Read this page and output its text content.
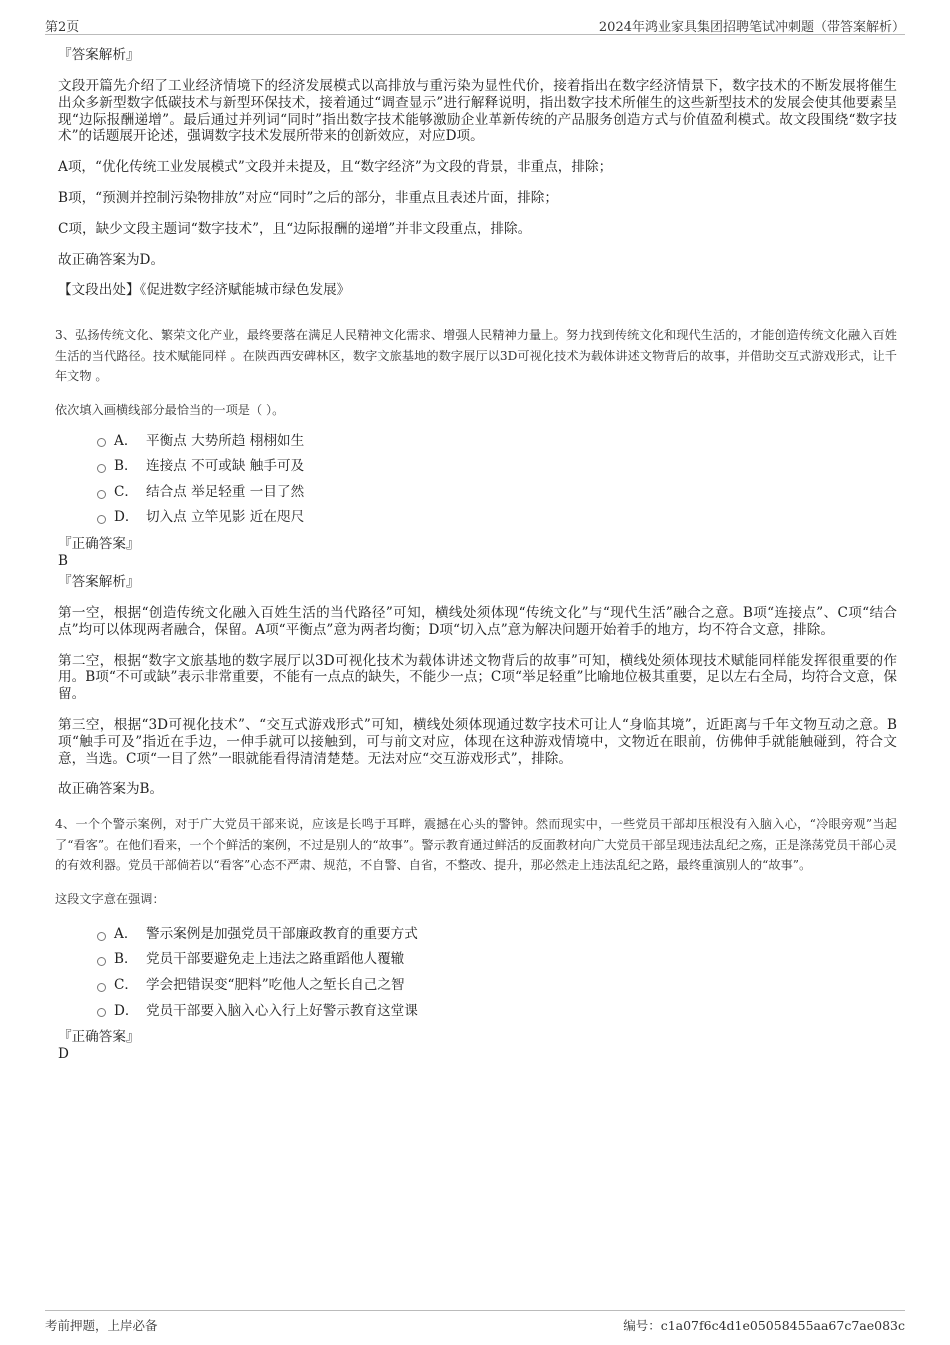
第2页	2024年鸿业家具集团招聘笔试冲刺题（带答案解析）

『答案解析』

文段开篇先介绍了工业经济情境下的经济发展模式以高排放与重污染为显性代价，接着指出在数字经济情景下，数字技术的不断发展将催生出众多新型数字低碳技术与新型环保技术，接着通过“调查显示”进行解释说明，指出数字技术所催生的这些新型技术的发展会使其他要素呈现“边际报酬递增”。最后通过并列词“同时”指出数字技术能够激励企业革新传统的产品服务创造方式与价值盈利模式。故文段围绕“数字技术”的话题展开论述，强调数字技术发展所带来的创新效应，对应D项。

A项，“优化传统工业发展模式”文段并未提及，且“数字经济”为文段的背景，非重点，排除；

B项，“预测并控制污染物排放”对应“同时”之后的部分，非重点且表述片面，排除；

C项，缺少文段主题词“数字技术”，且“边际报酬的递增”并非文段重点，排除。

故正确答案为D。

【文段出处】《促进数字经济赋能城市绿色发展》

3、弘扬传统文化、繁荣文化产业，最终要落在满足人民精神文化需求、增强人民精神力量上。努力找到传统文化和现代生活的，才能创造传统文化融入百姓生活的当代路径。技术赋能同样 。在陕西西安碑林区，数字文旅基地的数字展厅以3D可视化技术为载体讲述文物背后的故事，并借助交互式游戏形式，让千年文物 。

依次填入画横线部分最恰当的一项是（ ）。

A． 平衡点 大势所趋 栩栩如生
B． 连接点 不可或缺 触手可及
C． 结合点 举足轻重 一目了然
D． 切入点 立竿见影 近在咫尺

『正确答案』

B

『答案解析』

第一空，根据“创造传统文化融入百姓生活的当代路径”可知，横线处须体现“传统文化”与“现代生活”融合之意。B项“连接点”、C项“结合点”均可以体现两者融合，保留。A项“平衡点”意为两者均衡；D项“切入点”意为解决问题开始着手的地方，均不符合文意，排除。

第二空，根据“数字文旅基地的数字展厅以3D可视化技术为载体讲述文物背后的故事”可知，横线处须体现技术赋能同样能发挥很重要的作用。B项“不可或缺”表示非常重要，不能有一点点的缺失，不能少一点；C项“举足轻重”比喻地位极其重要，足以左右全局，均符合文意，保留。

第三空，根据“3D可视化技术”、“交互式游戏形式”可知，横线处须体现通过数字技术可让人“身临其境”，近距离与千年文物互动之意。B项“触手可及”指近在手边，一伸手就可以接触到，可与前文对应，体现在这种游戏情境中，文物近在眼前，仿佛伸手就能触碰到，符合文意，当选。C项“一目了然”一眼就能看得清清楚楚。无法对应“交互游戏形式”，排除。

故正确答案为B。

4、一个个警示案例，对于广大党员干部来说，应该是长鸣于耳畔，震撼在心头的警钟。然而现实中，一些党员干部却压根没有入脑入心，“冷眼旁观”当起了“看客”。在他们看来，一个个鲜活的案例，不过是别人的“故事”。警示教育通过鲜活的反面教材向广大党员干部呈现违法乱纪之殇，正是涤荡党员干部心灵的有效利器。党员干部倘若以“看客”心态不严肃、规范，不自警、自省，不整改、提升，那必然走上违法乱纪之路，最终重演别人的“故事”。

这段文字意在强调：

A． 警示案例是加强党员干部廉政教育的重要方式
B． 党员干部要避免走上违法之路重蹈他人覆辙
C． 学会把错误变“肥料”吃他人之堑长自己之智
D． 党员干部要入脑入心入行上好警示教育这堂课

『正确答案』

D

考前押题，上岸必备	编号：c1a07f6c4d1e05058455aa67c7ae083c
